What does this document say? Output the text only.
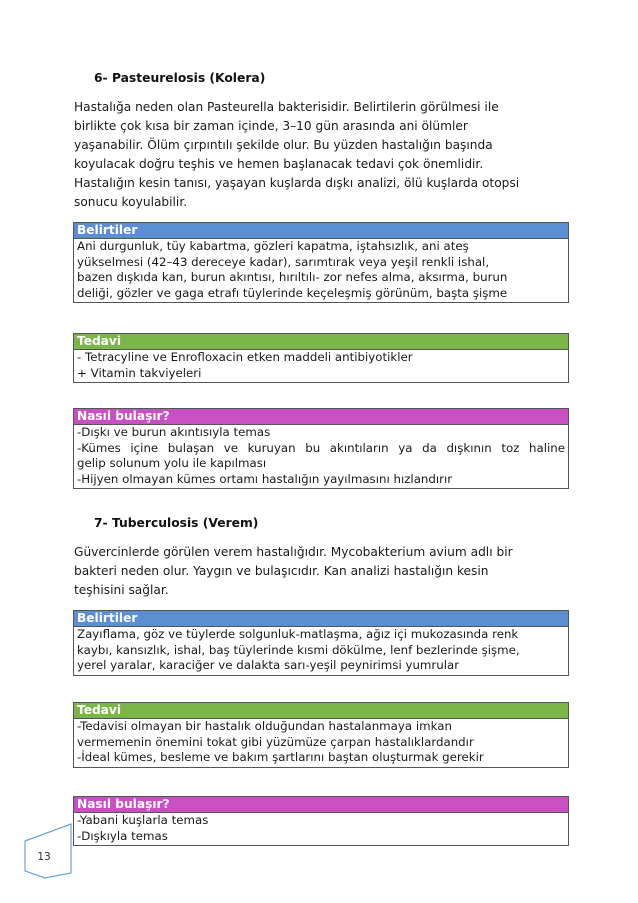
6- Pasteurelosis (Kolera)
Hastalığa neden olan Pasteurella bakterisidir. Belirtilerin görülmesi ile
birlikte çok kısa bir zaman içinde, 3–10 gün arasında ani ölümler
yaşanabilir. Ölüm çırpıntılı şekilde olur. Bu yüzden hastalığın başında
koyulacak doğru teşhis ve hemen başlanacak tedavi çok önemlidir.
Hastalığın kesin tanısı, yaşayan kuşlarda dışkı analizi, ölü kuşlarda otopsi
sonucu koyulabilir.
Belirtiler
Ani durgunluk, tüy kabartma, gözleri kapatma, iştahsızlık, ani ateş
yükselmesi (42–43 dereceye kadar), sarımtırak veya yeşil renkli ishal,
bazen dışkıda kan, burun akıntısı, hırıltılı- zor nefes alma, aksırma, burun
deliği, gözler ve gaga etrafı tüylerinde keçeleşmiş görünüm, başta şişme
Tedavi
- Tetracyline ve Enrofloxacin etken maddeli antibiyotikler
+ Vitamin takviyeleri
Nasıl bulaşır?
-Dışkı ve burun akıntısıyla temas
-Kümes içine bulaşan ve kuruyan bu akıntıların ya da dışkının toz haline
gelip solunum yolu ile kapılması
-Hijyen olmayan kümes ortamı hastalığın yayılmasını hızlandırır
7- Tuberculosis (Verem)
Güvercinlerde görülen verem hastalığıdır. Mycobakterium avium adlı bir
bakteri neden olur. Yaygın ve bulaşıcıdır. Kan analizi hastalığın kesin
teşhisini sağlar.
Belirtiler
Zayıflama, göz ve tüylerde solgunluk-matlaşma, ağız içi mukozasında renk
kaybı, kansızlık, ishal, baş tüylerinde kısmi dökülme, lenf bezlerinde şişme,
yerel yaralar, karaciğer ve dalakta sarı-yeşil peynirimsi yumrular
Tedavi
-Tedavisi olmayan bir hastalık olduğundan hastalanmaya imkan
vermemenin önemini tokat gibi yüzümüze çarpan hastalıklardandır
-İdeal kümes, besleme ve bakım şartlarını baştan oluşturmak gerekir
Nasıl bulaşır?
-Yabani kuşlarla temas
-Dışkıyla temas
13
